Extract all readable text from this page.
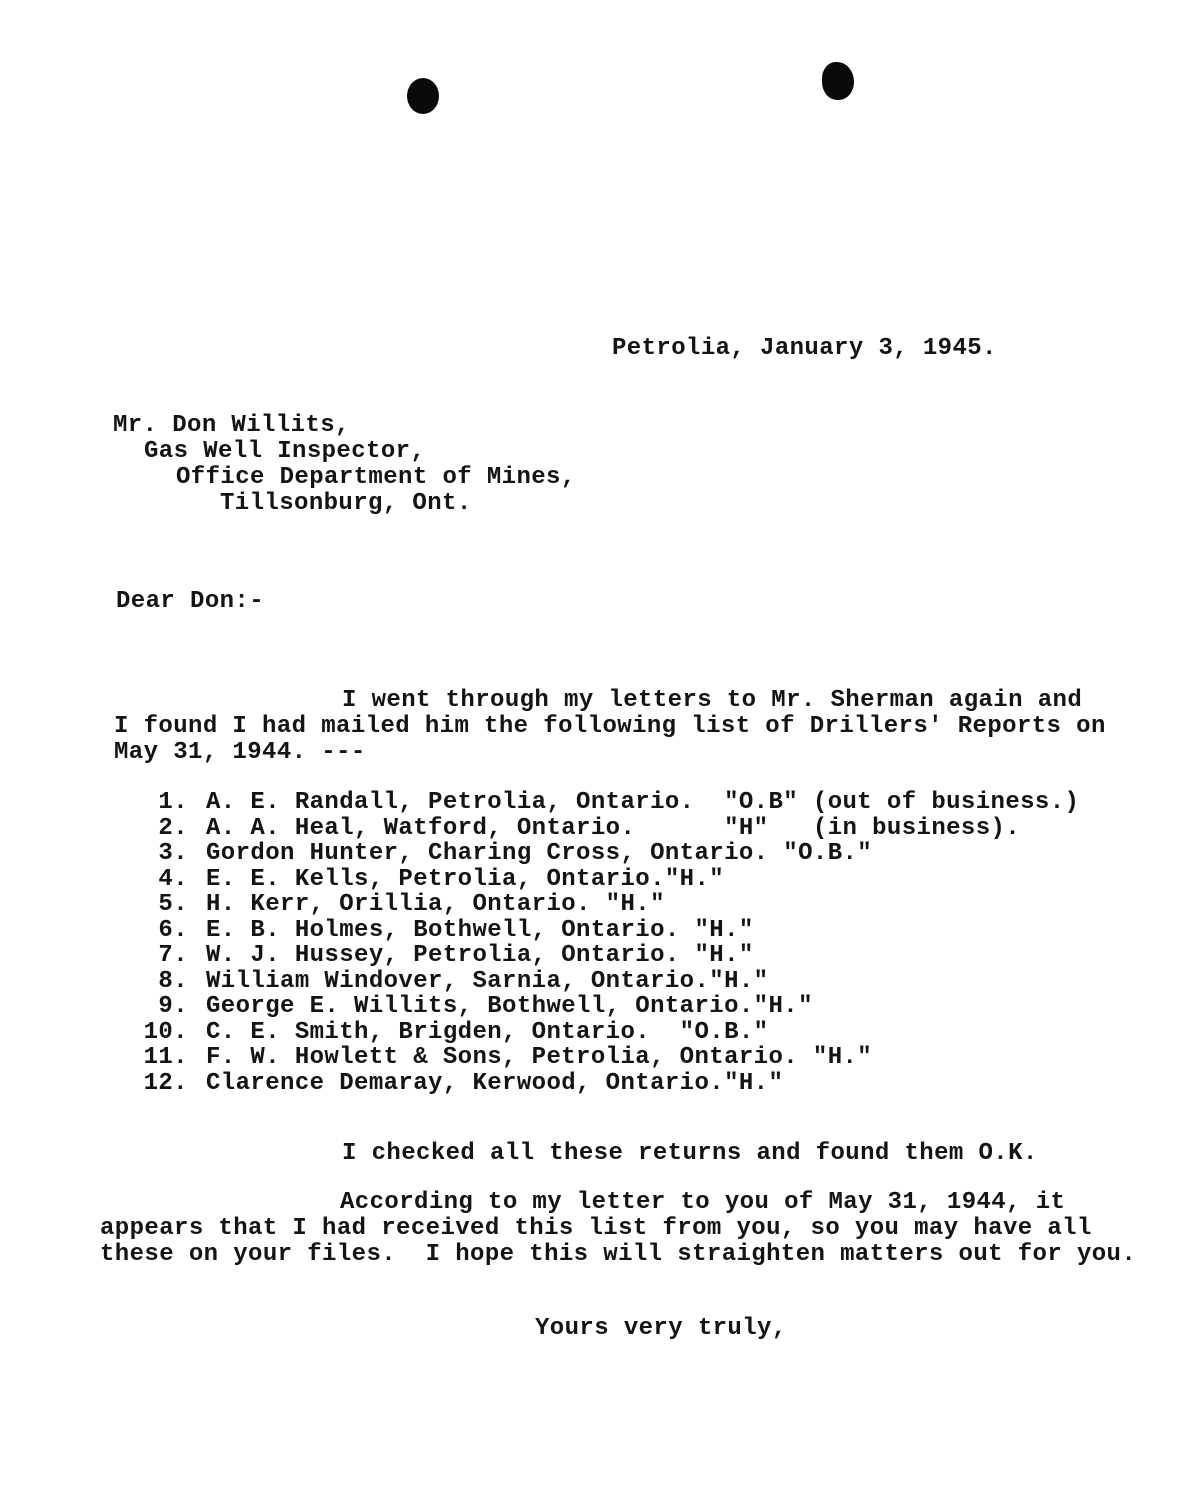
Petrolia, January 3, 1945.
Mr. Don Willits,
Gas Well Inspector,
Office Department of Mines,
Tillsonburg, Ont.
Dear Don:-
I went through my letters to Mr. Sherman again and
I found I had mailed him the following list of Drillers' Reports on
May 31, 1944. ---
1. A. E. Randall, Petrolia, Ontario.  "O.B" (out of business.)
2. A. A. Heal, Watford, Ontario.      "H"   (in business).
3. Gordon Hunter, Charing Cross, Ontario. "O.B."
4. E. E. Kells, Petrolia, Ontario."H."
5. H. Kerr, Orillia, Ontario. "H."
6. E. B. Holmes, Bothwell, Ontario. "H."
7. W. J. Hussey, Petrolia, Ontario. "H."
8. William Windover, Sarnia, Ontario."H."
9. George E. Willits, Bothwell, Ontario."H."
10. C. E. Smith, Brigden, Ontario.  "O.B."
11. F. W. Howlett & Sons, Petrolia, Ontario. "H."
12. Clarence Demaray, Kerwood, Ontario."H."
I checked all these returns and found them O.K.
According to my letter to you of May 31, 1944, it
appears that I had received this list from you, so you may have all
these on your files.  I hope this will straighten matters out for you.
Yours very truly,
